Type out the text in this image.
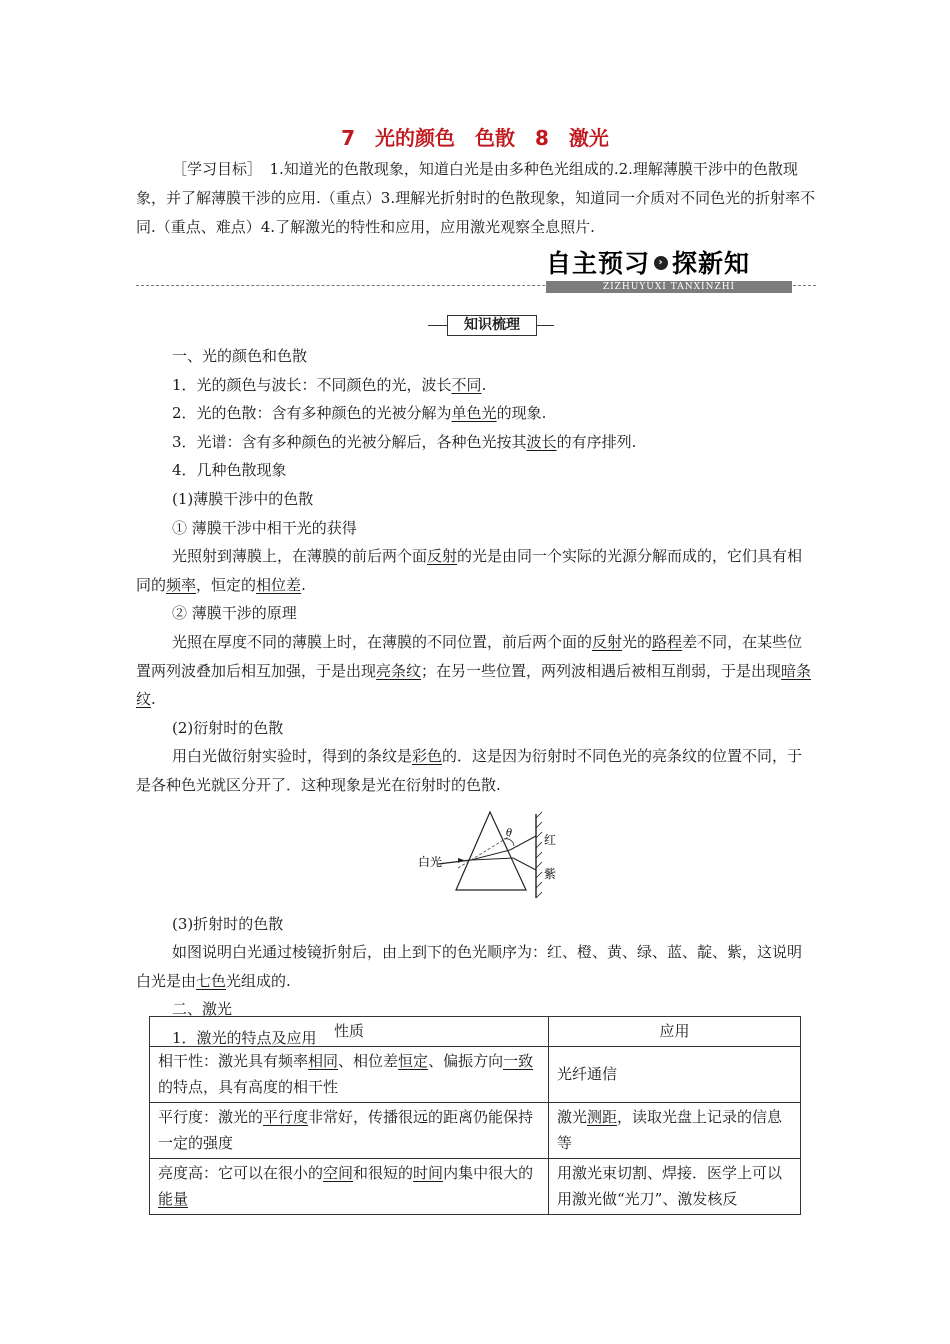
7　光的颜色　色散　8　激光
［学习目标］　1.知道光的色散现象，知道白光是由多种色光组成的.2.理解薄膜干涉中的色散现象，并了解薄膜干涉的应用.（重点）3.理解光折射时的色散现象，知道同一介质对不同色光的折射率不同.（重点、难点）4.了解激光的特性和应用，应用激光观察全息照片.
自主预习 › 探新知
ZIZHUYUXI TANXINZHI
知识梳理

一、光的颜色和色散

1．光的颜色与波长：不同颜色的光，波长不同.

2．光的色散：含有多种颜色的光被分解为单色光的现象.

3．光谱：含有多种颜色的光被分解后，各种色光按其波长的有序排列.

4．几种色散现象

(1)薄膜干涉中的色散

① 薄膜干涉中相干光的获得

光照射到薄膜上，在薄膜的前后两个面反射的光是由同一个实际的光源分解而成的，它们具有相同的频率，恒定的相位差.

② 薄膜干涉的原理

光照在厚度不同的薄膜上时，在薄膜的不同位置，前后两个面的反射光的路程差不同，在某些位置两列波叠加后相互加强，于是出现亮条纹；在另一些位置，两列波相遇后被相互削弱，于是出现暗条纹.

(2)衍射时的色散

用白光做衍射实验时，得到的条纹是彩色的．这是因为衍射时不同色光的亮条纹的位置不同，于是各种色光就区分开了．这种现象是光在衍射时的色散.

白光
θ	红
紫

(3)折射时的色散

如图说明白光通过棱镜折射后，由上到下的色光顺序为：红、橙、黄、绿、蓝、靛、紫，这说明白光是由七色光组成的.

二、激光

1．激光的特点及应用	性质	应用
相干性：激光具有频率相同、相位差恒定、偏振方向一致的特点，具有高度的相干性	光纤通信
平行度：激光的平行度非常好，传播很远的距离仍能保持一定的强度	激光测距，读取光盘上记录的信息等
亮度高：它可以在很小的空间和很短的时间内集中很大的能量	用激光束切割、焊接．医学上可以用激光做“光刀”、激发核反
